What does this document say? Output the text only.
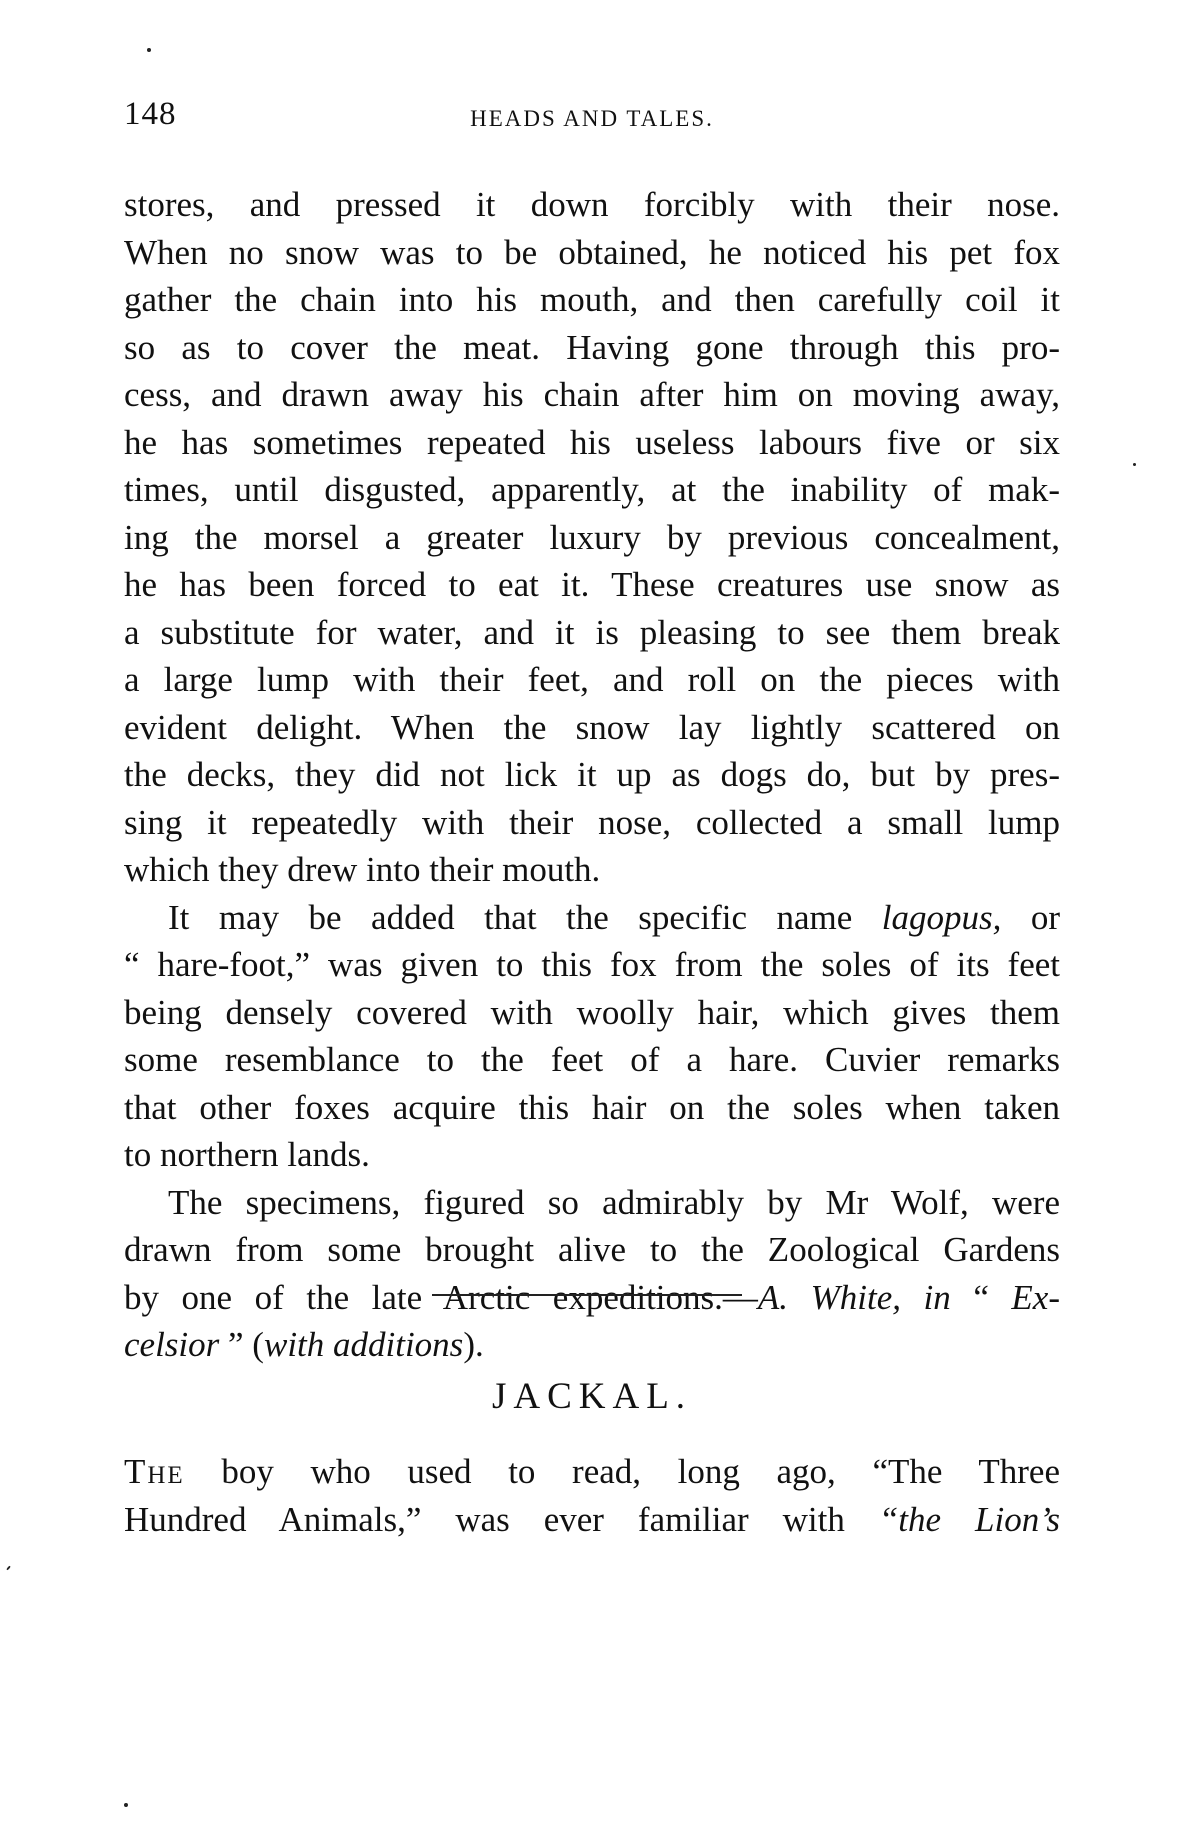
148	HEADS AND TALES.

stores, and pressed it down forcibly with their nose.
When no snow was to be obtained, he noticed his pet fox
gather the chain into his mouth, and then carefully coil it
so as to cover the meat. Having gone through this pro-
cess, and drawn away his chain after him on moving away,
he has sometimes repeated his useless labours five or six
times, until disgusted, apparently, at the inability of mak-
ing the morsel a greater luxury by previous concealment,
he has been forced to eat it. These creatures use snow as
a substitute for water, and it is pleasing to see them break
a large lump with their feet, and roll on the pieces with
evident delight. When the snow lay lightly scattered on
the decks, they did not lick it up as dogs do, but by pres-
sing it repeatedly with their nose, collected a small lump
which they drew into their mouth.

It may be added that the specific name lagopus, or
“ hare-foot,” was given to this fox from the soles of its feet
being densely covered with woolly hair, which gives them
some resemblance to the feet of a hare. Cuvier remarks
that other foxes acquire this hair on the soles when taken
to northern lands.

The specimens, figured so admirably by Mr Wolf, were
drawn from some brought alive to the Zoological Gardens
by one of the late Arctic expeditions.—A. White, in “ Ex-
celsior ” (with additions).

JACKAL.
The boy who used to read, long ago, “The Three
Hundred Animals,” was ever familiar with “the Lion’s
